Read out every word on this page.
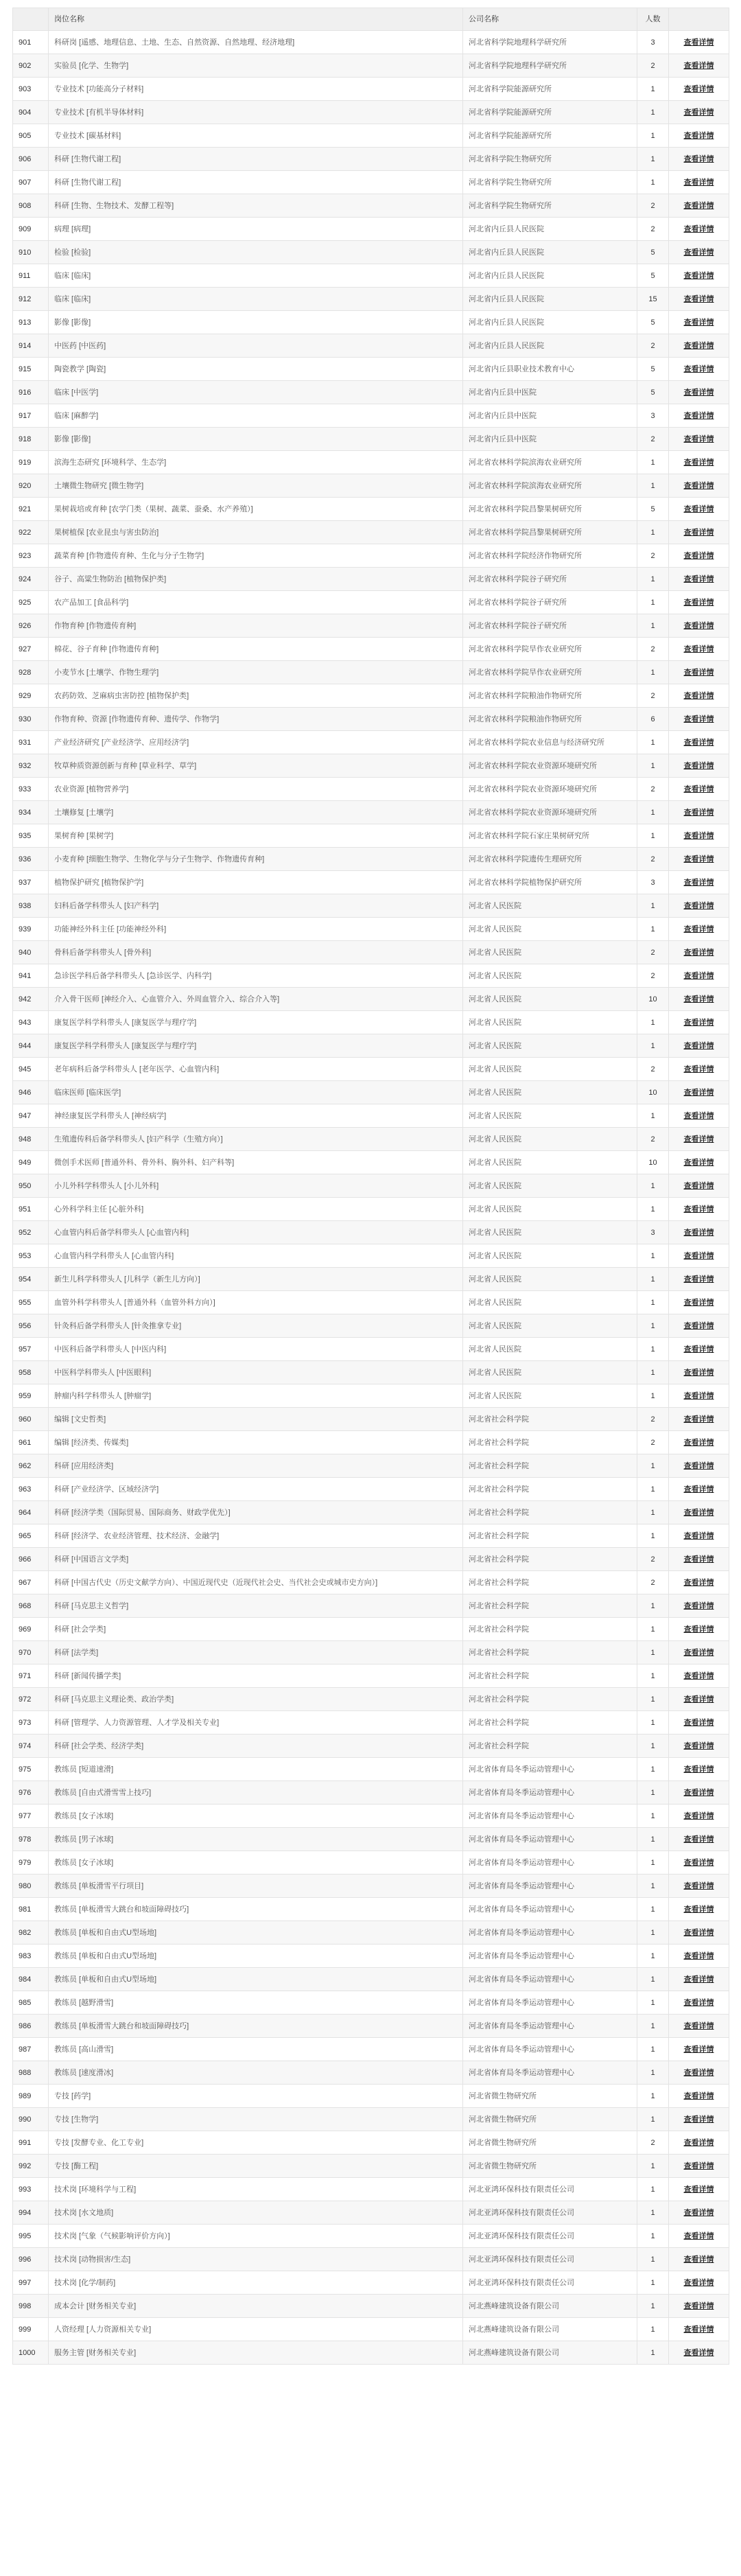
	岗位名称	公司名称	人数	
901	科研岗 [遥感、地理信息、土地、生态、自然资源、自然地理、经济地理]	河北省科学院地理科学研究所	3	查看详情
902	实验员 [化学、生物学]	河北省科学院地理科学研究所	2	查看详情
903	专业技术 [功能高分子材料]	河北省科学院能源研究所	1	查看详情
904	专业技术 [有机半导体材料]	河北省科学院能源研究所	1	查看详情
905	专业技术 [碳基材料]	河北省科学院能源研究所	1	查看详情
906	科研 [生物代谢工程]	河北省科学院生物研究所	1	查看详情
907	科研 [生物代谢工程]	河北省科学院生物研究所	1	查看详情
908	科研 [生物、生物技术、发酵工程等]	河北省科学院生物研究所	2	查看详情
909	病理 [病理]	河北省内丘县人民医院	2	查看详情
910	检验 [检验]	河北省内丘县人民医院	5	查看详情
911	临床 [临床]	河北省内丘县人民医院	5	查看详情
912	临床 [临床]	河北省内丘县人民医院	15	查看详情
913	影像 [影像]	河北省内丘县人民医院	5	查看详情
914	中医药 [中医药]	河北省内丘县人民医院	2	查看详情
915	陶瓷教学 [陶瓷]	河北省内丘县职业技术教育中心	5	查看详情
916	临床 [中医学]	河北省内丘县中医院	5	查看详情
917	临床 [麻醉学]	河北省内丘县中医院	3	查看详情
918	影像 [影像]	河北省内丘县中医院	2	查看详情
919	滨海生态研究 [环境科学、生态学]	河北省农林科学院滨海农业研究所	1	查看详情
920	土壤微生物研究 [微生物学]	河北省农林科学院滨海农业研究所	1	查看详情
921	果树栽培或育种 [农学门类（果树、蔬菜、蚕桑、水产养殖）]	河北省农林科学院昌黎果树研究所	5	查看详情
922	果树植保 [农业昆虫与害虫防治]	河北省农林科学院昌黎果树研究所	1	查看详情
923	蔬菜育种 [作物遗传育种、生化与分子生物学]	河北省农林科学院经济作物研究所	2	查看详情
924	谷子、高粱生物防治 [植物保护类]	河北省农林科学院谷子研究所	1	查看详情
925	农产品加工 [食品科学]	河北省农林科学院谷子研究所	1	查看详情
926	作物育种 [作物遗传育种]	河北省农林科学院谷子研究所	1	查看详情
927	棉花、谷子育种 [作物遗传育种]	河北省农林科学院旱作农业研究所	2	查看详情
928	小麦节水 [土壤学、作物生理学]	河北省农林科学院旱作农业研究所	1	查看详情
929	农药防效、芝麻病虫害防控 [植物保护类]	河北省农林科学院粮油作物研究所	2	查看详情
930	作物育种、资源 [作物遗传育种、遗传学、作物学]	河北省农林科学院粮油作物研究所	6	查看详情
931	产业经济研究 [产业经济学、应用经济学]	河北省农林科学院农业信息与经济研究所	1	查看详情
932	牧草种质资源创新与育种 [草业科学、草学]	河北省农林科学院农业资源环境研究所	1	查看详情
933	农业资源 [植物营养学]	河北省农林科学院农业资源环境研究所	2	查看详情
934	土壤修复 [土壤学]	河北省农林科学院农业资源环境研究所	1	查看详情
935	果树育种 [果树学]	河北省农林科学院石家庄果树研究所	1	查看详情
936	小麦育种 [细胞生物学、生物化学与分子生物学、作物遗传育种]	河北省农林科学院遗传生理研究所	2	查看详情
937	植物保护研究 [植物保护学]	河北省农林科学院植物保护研究所	3	查看详情
938	妇科后备学科带头人 [妇产科学]	河北省人民医院	1	查看详情
939	功能神经外科主任 [功能神经外科]	河北省人民医院	1	查看详情
940	骨科后备学科带头人 [骨外科]	河北省人民医院	2	查看详情
941	急诊医学科后备学科带头人 [急诊医学、内科学]	河北省人民医院	2	查看详情
942	介入骨干医师 [神经介入、心血管介入、外周血管介入、综合介入等]	河北省人民医院	10	查看详情
943	康复医学科学科带头人 [康复医学与理疗学]	河北省人民医院	1	查看详情
944	康复医学科学科带头人 [康复医学与理疗学]	河北省人民医院	1	查看详情
945	老年病科后备学科带头人 [老年医学、心血管内科]	河北省人民医院	2	查看详情
946	临床医师 [临床医学]	河北省人民医院	10	查看详情
947	神经康复医学科带头人 [神经病学]	河北省人民医院	1	查看详情
948	生殖遗传科后备学科带头人 [妇产科学（生殖方向）]	河北省人民医院	2	查看详情
949	微创手术医师 [普通外科、骨外科、胸外科、妇产科等]	河北省人民医院	10	查看详情
950	小儿外科学科带头人 [小儿外科]	河北省人民医院	1	查看详情
951	心外科学科主任 [心脏外科]	河北省人民医院	1	查看详情
952	心血管内科后备学科带头人 [心血管内科]	河北省人民医院	3	查看详情
953	心血管内科学科带头人 [心血管内科]	河北省人民医院	1	查看详情
954	新生儿科学科带头人 [儿科学（新生儿方向）]	河北省人民医院	1	查看详情
955	血管外科学科带头人 [普通外科（血管外科方向）]	河北省人民医院	1	查看详情
956	针灸科后备学科带头人 [针灸推拿专业]	河北省人民医院	1	查看详情
957	中医科后备学科带头人 [中医内科]	河北省人民医院	1	查看详情
958	中医科学科带头人 [中医眼科]	河北省人民医院	1	查看详情
959	肿瘤内科学科带头人 [肿瘤学]	河北省人民医院	1	查看详情
960	编辑 [文史哲类]	河北省社会科学院	2	查看详情
961	编辑 [经济类、传媒类]	河北省社会科学院	2	查看详情
962	科研 [应用经济类]	河北省社会科学院	1	查看详情
963	科研 [产业经济学、区域经济学]	河北省社会科学院	1	查看详情
964	科研 [经济学类（国际贸易、国际商务、财政学优先）]	河北省社会科学院	1	查看详情
965	科研 [经济学、农业经济管理、技术经济、金融学]	河北省社会科学院	1	查看详情
966	科研 [中国语言文学类]	河北省社会科学院	2	查看详情
967	科研 [中国古代史（历史文献学方向）、中国近现代史（近现代社会史、当代社会史或城市史方向）]	河北省社会科学院	2	查看详情
968	科研 [马克思主义哲学]	河北省社会科学院	1	查看详情
969	科研 [社会学类]	河北省社会科学院	1	查看详情
970	科研 [法学类]	河北省社会科学院	1	查看详情
971	科研 [新闻传播学类]	河北省社会科学院	1	查看详情
972	科研 [马克思主义理论类、政治学类]	河北省社会科学院	1	查看详情
973	科研 [管理学、人力资源管理、人才学及相关专业]	河北省社会科学院	1	查看详情
974	科研 [社会学类、经济学类]	河北省社会科学院	1	查看详情
975	教练员 [短道速滑]	河北省体育局冬季运动管理中心	1	查看详情
976	教练员 [自由式滑雪雪上技巧]	河北省体育局冬季运动管理中心	1	查看详情
977	教练员 [女子冰球]	河北省体育局冬季运动管理中心	1	查看详情
978	教练员 [男子冰球]	河北省体育局冬季运动管理中心	1	查看详情
979	教练员 [女子冰球]	河北省体育局冬季运动管理中心	1	查看详情
980	教练员 [单板滑雪平行项目]	河北省体育局冬季运动管理中心	1	查看详情
981	教练员 [单板滑雪大跳台和坡面障碍技巧]	河北省体育局冬季运动管理中心	1	查看详情
982	教练员 [单板和自由式U型场地]	河北省体育局冬季运动管理中心	1	查看详情
983	教练员 [单板和自由式U型场地]	河北省体育局冬季运动管理中心	1	查看详情
984	教练员 [单板和自由式U型场地]	河北省体育局冬季运动管理中心	1	查看详情
985	教练员 [越野滑雪]	河北省体育局冬季运动管理中心	1	查看详情
986	教练员 [单板滑雪大跳台和坡面障碍技巧]	河北省体育局冬季运动管理中心	1	查看详情
987	教练员 [高山滑雪]	河北省体育局冬季运动管理中心	1	查看详情
988	教练员 [速度滑冰]	河北省体育局冬季运动管理中心	1	查看详情
989	专技 [药学]	河北省微生物研究所	1	查看详情
990	专技 [生物学]	河北省微生物研究所	1	查看详情
991	专技 [发酵专业、化工专业]	河北省微生物研究所	2	查看详情
992	专技 [酶工程]	河北省微生物研究所	1	查看详情
993	技术岗 [环境科学与工程]	河北亚鸿环保科技有限责任公司	1	查看详情
994	技术岗 [水文地质]	河北亚鸿环保科技有限责任公司	1	查看详情
995	技术岗 [气象（气候影响评价方向）]	河北亚鸿环保科技有限责任公司	1	查看详情
996	技术岗 [动物损害/生态]	河北亚鸿环保科技有限责任公司	1	查看详情
997	技术岗 [化学/制药]	河北亚鸿环保科技有限责任公司	1	查看详情
998	成本会计 [财务相关专业]	河北燕峰建筑设备有限公司	1	查看详情
999	人资经理 [人力资源相关专业]	河北燕峰建筑设备有限公司	1	查看详情
1000	服务主管 [财务相关专业]	河北燕峰建筑设备有限公司	1	查看详情
